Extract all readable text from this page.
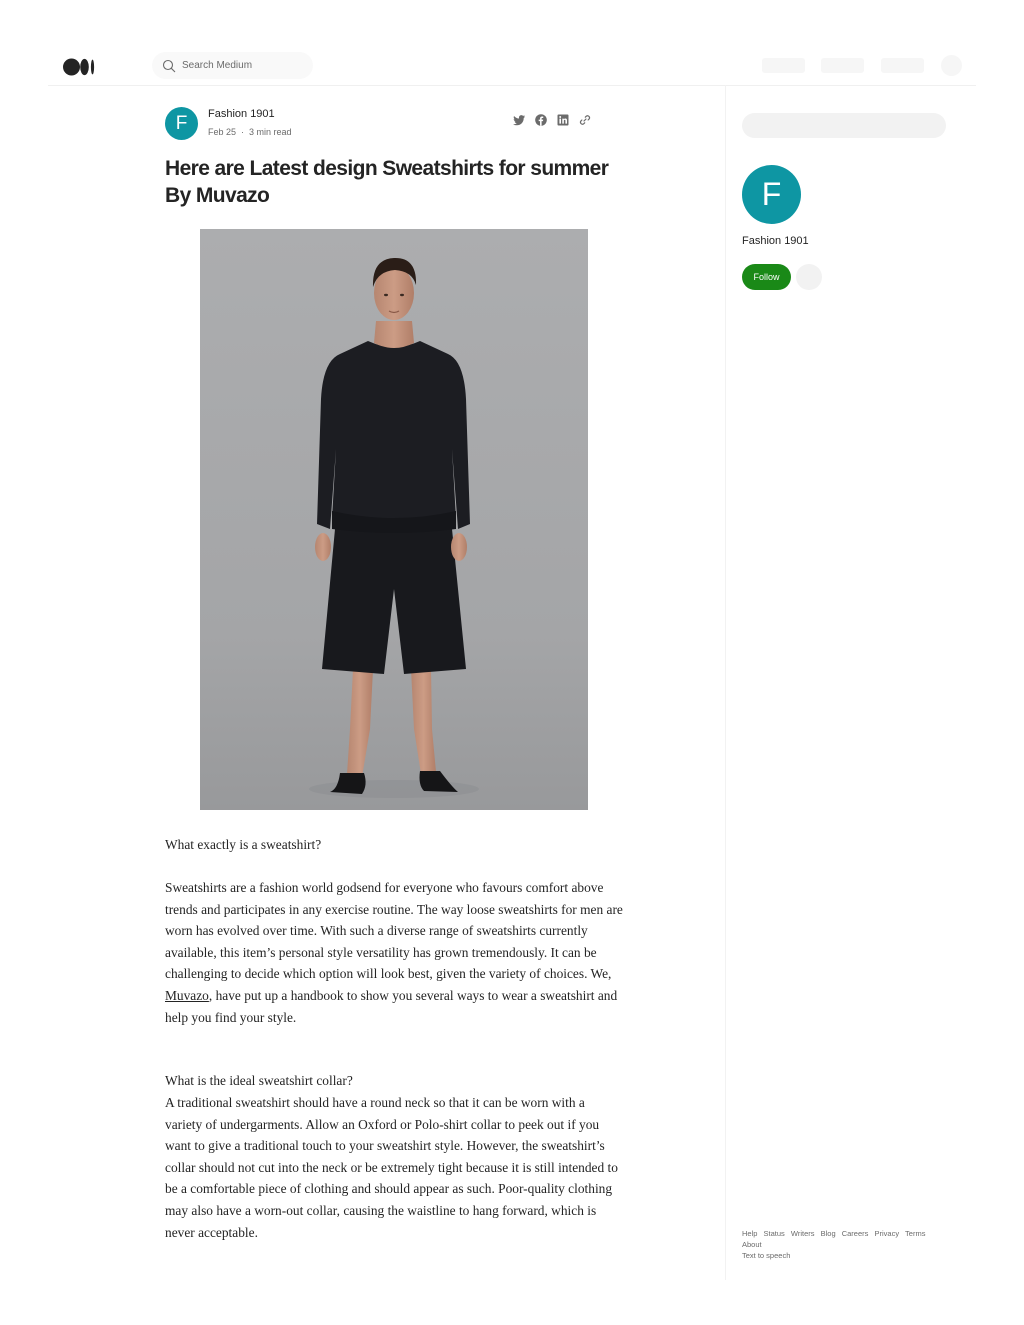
Search Medium
F Fashion 1901
Feb 25 · 3 min read
Here are Latest design Sweatshirts for summer By Muvazo

What exactly is a sweatshirt?

Sweatshirts are a fashion world godsend for everyone who favours comfort above trends and participates in any exercise routine. The way loose sweatshirts for men are worn has evolved over time. With such a diverse range of sweatshirts currently available, this item’s personal style versatility has grown tremendously. It can be challenging to decide which option will look best, given the variety of choices. We, Muvazo, have put up a handbook to show you several ways to wear a sweatshirt and help you find your style.

What is the ideal sweatshirt collar?

A traditional sweatshirt should have a round neck so that it can be worn with a variety of undergarments. Allow an Oxford or Polo-shirt collar to peek out if you want to give a traditional touch to your sweatshirt style. However, the sweatshirt’s collar should not cut into the neck or be extremely tight because it is still intended to be a comfortable piece of clothing and should appear as such. Poor-quality clothing may also have a worn-out collar, causing the waistline to hang forward, which is never acceptable.

F
Fashion 1901
Follow
Help Status Writers Blog Careers Privacy Terms About
Text to speech
